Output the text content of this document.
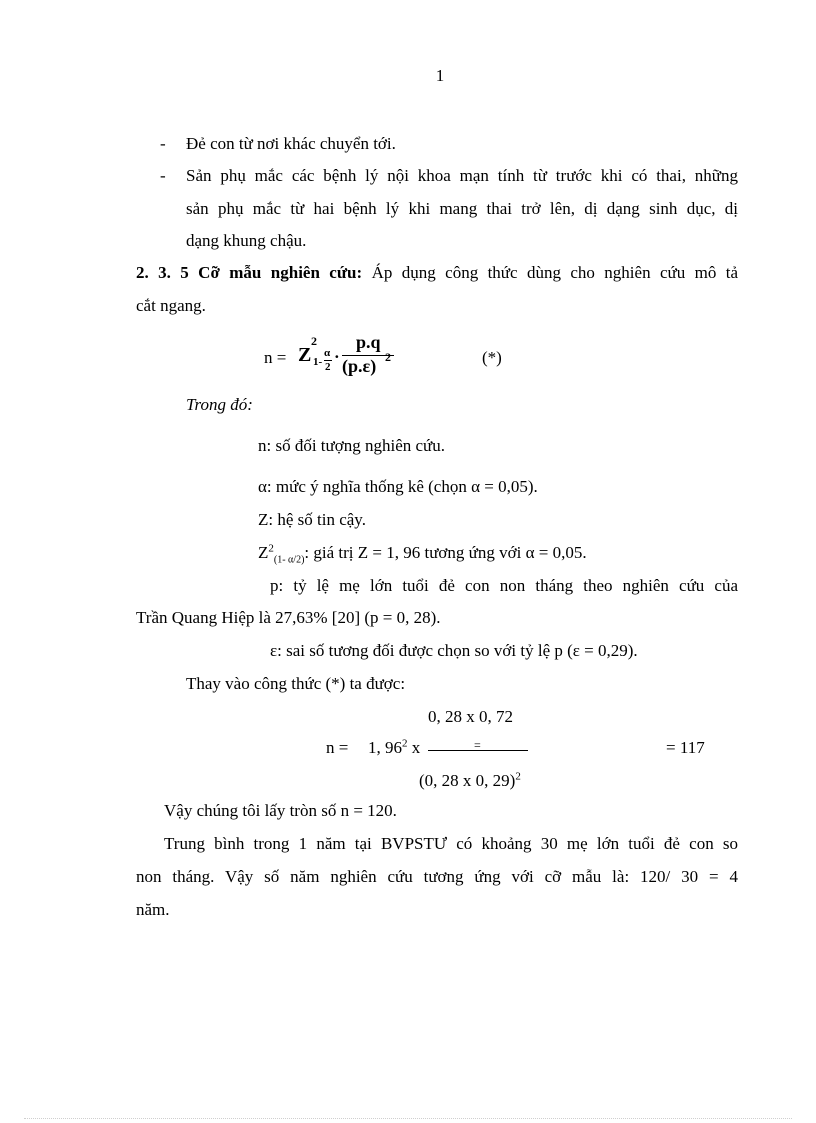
1
- Đẻ con từ nơi khác chuyển tới.
- Sản phụ mắc các bệnh lý nội khoa mạn tính từ trước khi có thai, những
sản phụ mắc từ hai bệnh lý khi mang thai trở lên, dị dạng sinh dục, dị
dạng khung chậu.
2. 3. 5 Cỡ mẫu nghiên cứu: Áp dụng công thức dùng cho nghiên cứu mô tả
cắt ngang.
n = Z
2
1-
α
2
·
p.q
(p.ε) 2	(*)
Trong đó:
n: số đối tượng nghiên cứu.
α: mức ý nghĩa thống kê (chọn α = 0,05).
Z: hệ số tin cậy.
$Z^2_{(1- \alpha/2)}$: giá trị Z = 1, 96 tương ứng với α = 0,05.
p: tỷ lệ mẹ lớn tuổi đẻ con non tháng theo nghiên cứu của
Trần Quang Hiệp là 27,63% [20] (p = 0, 28).
ε: sai số tương đối được chọn so với tỷ lệ p (ε = 0,29).
Thay vào công thức (*) ta được:
0, 28 x 0, 72
n = 1, $96^2$ x	=	= 117
(0, 28 x 0, 29)$^2$
Vậy chúng tôi lấy tròn số n = 120.
Trung bình trong 1 năm tại BVPSTƯ có khoảng 30 mẹ lớn tuổi đẻ con so
non tháng. Vậy số năm nghiên cứu tương ứng với cỡ mẫu là: 120/ 30 = 4
năm.
